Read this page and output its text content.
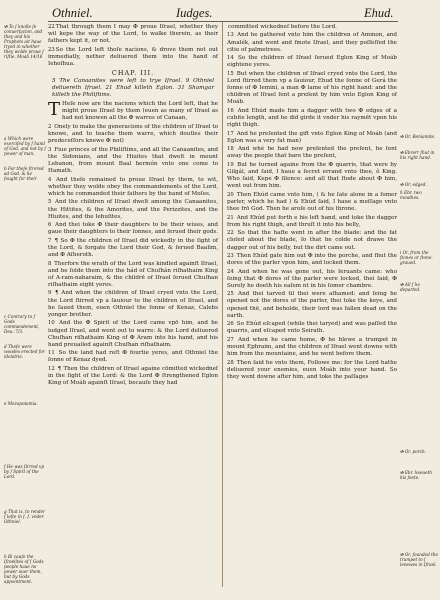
Othniel.	Iudges.	Ehud.
✠ To ſ knolle ſe conuerſacion, and they and his Prophets ait haue tryed in whether they wolde proue ſ riſtie, Moab 14/16
a Which were exerciſed by ſ hand of God, and not by ſ power of man.
b For theſe ſtrered ad God. & he ſought for their
c Contrary to ſ Gods commandement, Deu. 7/3.
d Theſe were woodes erected for idolatrie.
e Mezopotamia.
f He was ſtirred vp by ſ Spirit of the Lord.
g That is, to render ſ leſte in ſ. ſ. vnder Othniel.
h Bi cauſe the Iſraelites of ſ Gods people haue no power ouer them, but by Gods appointment.

22That through them I may ✠ proue Iſrael, whether they wil kepe the way of the Lord, to walke therein, as their fathers kept it, or not.

23So the Lord left thoſe nacions, & drove them not out immediatly, nether deliuered them into the hand of Iehoſhua.

CHAP. III.
5 The Canaanites were left to trye Iſrael. 9 Othniel deliuereth Iſrael. 21 Ehud killeth Eglon. 31 Shamgar killeth the Philiſtims.

T Heſe now are the nacions which the Lord left, that he might proue Iſrael by them (euen as many of Iſrael as had not knowen all the ✠ warres of Canaan,

2 Onely to make the generacions of the children of Iſrael to knowe, and to teache them warre, which doutles their predeceſſors knewe ✠ not)

3 Fiue princes of the Philiſtims, and all the Canaanites, and the Sidonians, and the Hiuites that dwelt in mount Lebanon, from mount Baal hermón vnto one come to Hamath.

4 And theſe remained to proue Iſrael by them, to wit, whether they wolde obey the commandements of the Lord, which he commanded their fathers by the hand of Moſes.

5 And the children of Iſrael dwelt among the Canaanites, the Hittites, & the Amorites, and the Perizzites, and the Hiuites, and the Iebuſites,

6 And thei toke ✠ their daughters to be their wiues, and gaue their daughters to their ſonnes, and ſerued their gods.

7 ¶ So ✠ the children of Iſrael did wickedly in the ſight of the Lord, & forgate the Lord their God, & ſerued Baalim, and ✠ Aſheroth.

8 Therfore the wrath of the Lord was kindled againſt Iſrael, and he ſolde them into the hád of Chuſhán riſhathaim King of A-ram-naharaim, & the childrē of Iſrael ſerued Chuſhan riſhathaim eight yeres.

9 ¶ And when the children of Iſrael cryed vnto the Lord, the Lord ſtirred vp a ſauiour to the children of Iſrael, and he ſaued them, euen Othniel the ſonne of Kenaz, Calebs yonger brother.

10 And the ✠ Spirit of the Lord came vpō him, and he iudged Iſrael, and went out to warre: & the Lord deliuered Chuſhan riſhathaim King of ✠ Aram into his hand, and his hand preuailed againſt Chuſhan riſhathaim.

11 So the land had reſt ✠ fourtie yeres, and Othniel the ſonne of Kenaz dyed.

12 ¶ Then the children of Iſrael againe cōmitted wickedneſ in the ſight of the Lord: & the Lord ✠ ſtrengthened Eglon King of Moáb againſt Iſrael, becauſe they had

committed wickedneſ before the Lord.

13 And he gathered vnto him the children of Ammon, and Amalék, and went and ſmote Iſrael, and they poſſeſſed the citie of palmetrees.

14 So the children of Iſrael ſerued Eglon King of Moáb eightene yeres.

15 But when the children of Iſrael cryed vnto the Lord, the Lord ſtirred them vp a ſauiour, Ehud the ſonne of Gerá the ſonne of ✠ Iemini, a man ✠ lame of his right hand: and the children of Iſrael ſent a preſent by him vnto Eglon King of Moáb.

16 And Ehúd made him a dagger with two ✠ edges of a cubite length, and he did girde it vnder his raymēt vpon his right thigh.

17 And he preſented the gift vnto Eglon King of Moáb (and Eglon was a very fat man)

18 And whé he had now preſented the preſent, he ſent away the people that bare the preſent,

19 But he turned againe from the ✠ quarris, that were by Gilgál, and ſaid, I haue a ſecret errand vnto thee, ô King. Who ſaid, Kepe ✠ ſilence: and all that ſtode about ✠ him, went out from him.

20 Then Ehúd came vnto him, ( & he ſate alone in a ſomer parler, which he had ) & Ehúd ſaid, I haue a meſſage vnto thee frō God. Then he aroſe out of his throne.

21 And Ehúd put forth e his left hand, and toke the dagger from his right thigh, and thruſt it into his belly,

22 So that the hafte went in after the blade: and the fat cloſed about the blade, ſo that he colde not drawe the dagger out of his belly, but the dirt came out.

23 Then Ehúd gate him out ✠ into the porche, and ſhut the dores of the parler vpon him, and locked them.

24 And when he was gone out, his ſeruants came: who ſeing that ✠ dores of the parler were locked, thei ſaid, ✠ Surely he doeth his eaſem nt in his ſomer chambre.

25 And thei tarved til thei were aſhamed: and ſeing he opened not the dores of the parler, thei toke the keye, and opened thē, and beholde, their lord was fallen dead on the earth.

26 So Ehúd eſcaped (while thei taryed) and was paſſed the quarris, and eſcaped vnto Seirath.

27 And when he came home, ✠ he blewe a trumpet in mount Ephraim, and the children of Iſrael went downe with him from the mountaine, and he went before them.

28 Then ſaid he vnto them, Followe me: for the Lord hathe deliuered your enemies, euen Moáb into your hand. So they went downe after him, and toke the paſſages

✠ Or, Beniamite.
✠ Ebrerr ſhut in his right hand.
✠ Or, edged.
h Ebr. two mouthes.
i Or, from the ſtones or ſtone-graued.
✠ All ſ he departed.
✠ Or, porch.
✠ Ebr. heeueth his feete.
✠ Or, ſounded the trumpet to ſ lenewes in Iſrael.
